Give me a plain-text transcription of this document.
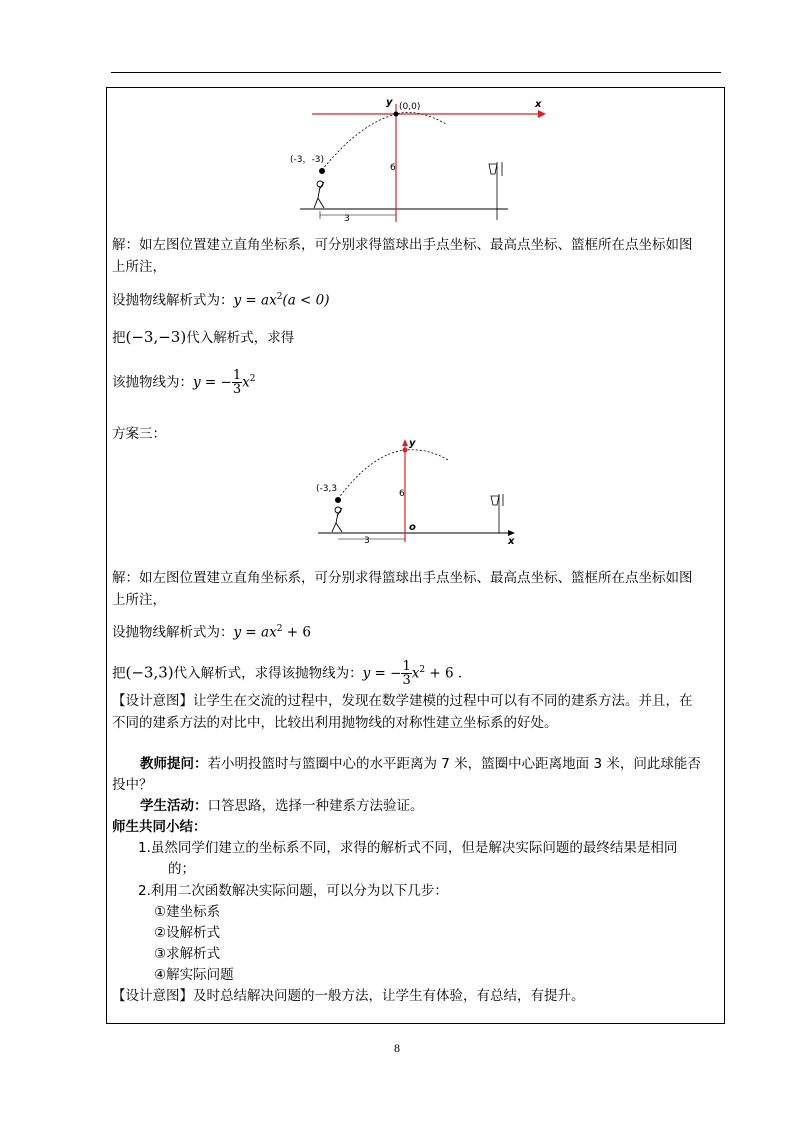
x
y (0,0)
(-3，-3)
6
3
解：如左图位置建立直角坐标系，可分别求得篮球出手点坐标、最高点坐标、篮框所在点坐标如图
上所注，
设抛物线解析式为：$y = ax^2(a < 0)$
把(−3,−3)代入解析式，求得
该抛物线为：y = − $\frac{1}{3} x^2$
方案三：
x
y
o
(-3,3	6
3
解：如左图位置建立直角坐标系，可分别求得篮球出手点坐标、最高点坐标、篮框所在点坐标如图
上所注，
设抛物线解析式为：$y = ax^2 + 6$
把(−3,3)代入解析式，求得该抛物线为：y = − $\frac{1}{3} x^2 + 6$ .
【设计意图】让学生在交流的过程中，发现在数学建模的过程中可以有不同的建系方法。并且，在
不同的建系方法的对比中，比较出利用抛物线的对称性建立坐标系的好处。
教师提问：若小明投篮时与篮圈中心的水平距离为 7 米，篮圈中心距离地面 3 米，问此球能否
投中？
学生活动：口答思路，选择一种建系方法验证。
师生共同小结：
1.虽然同学们建立的坐标系不同，求得的解析式不同，但是解决实际问题的最终结果是相同
的；
2.利用二次函数解决实际问题，可以分为以下几步：
①建坐标系
②设解析式
③求解析式
④解实际问题
【设计意图】及时总结解决问题的一般方法，让学生有体验，有总结，有提升。
8
